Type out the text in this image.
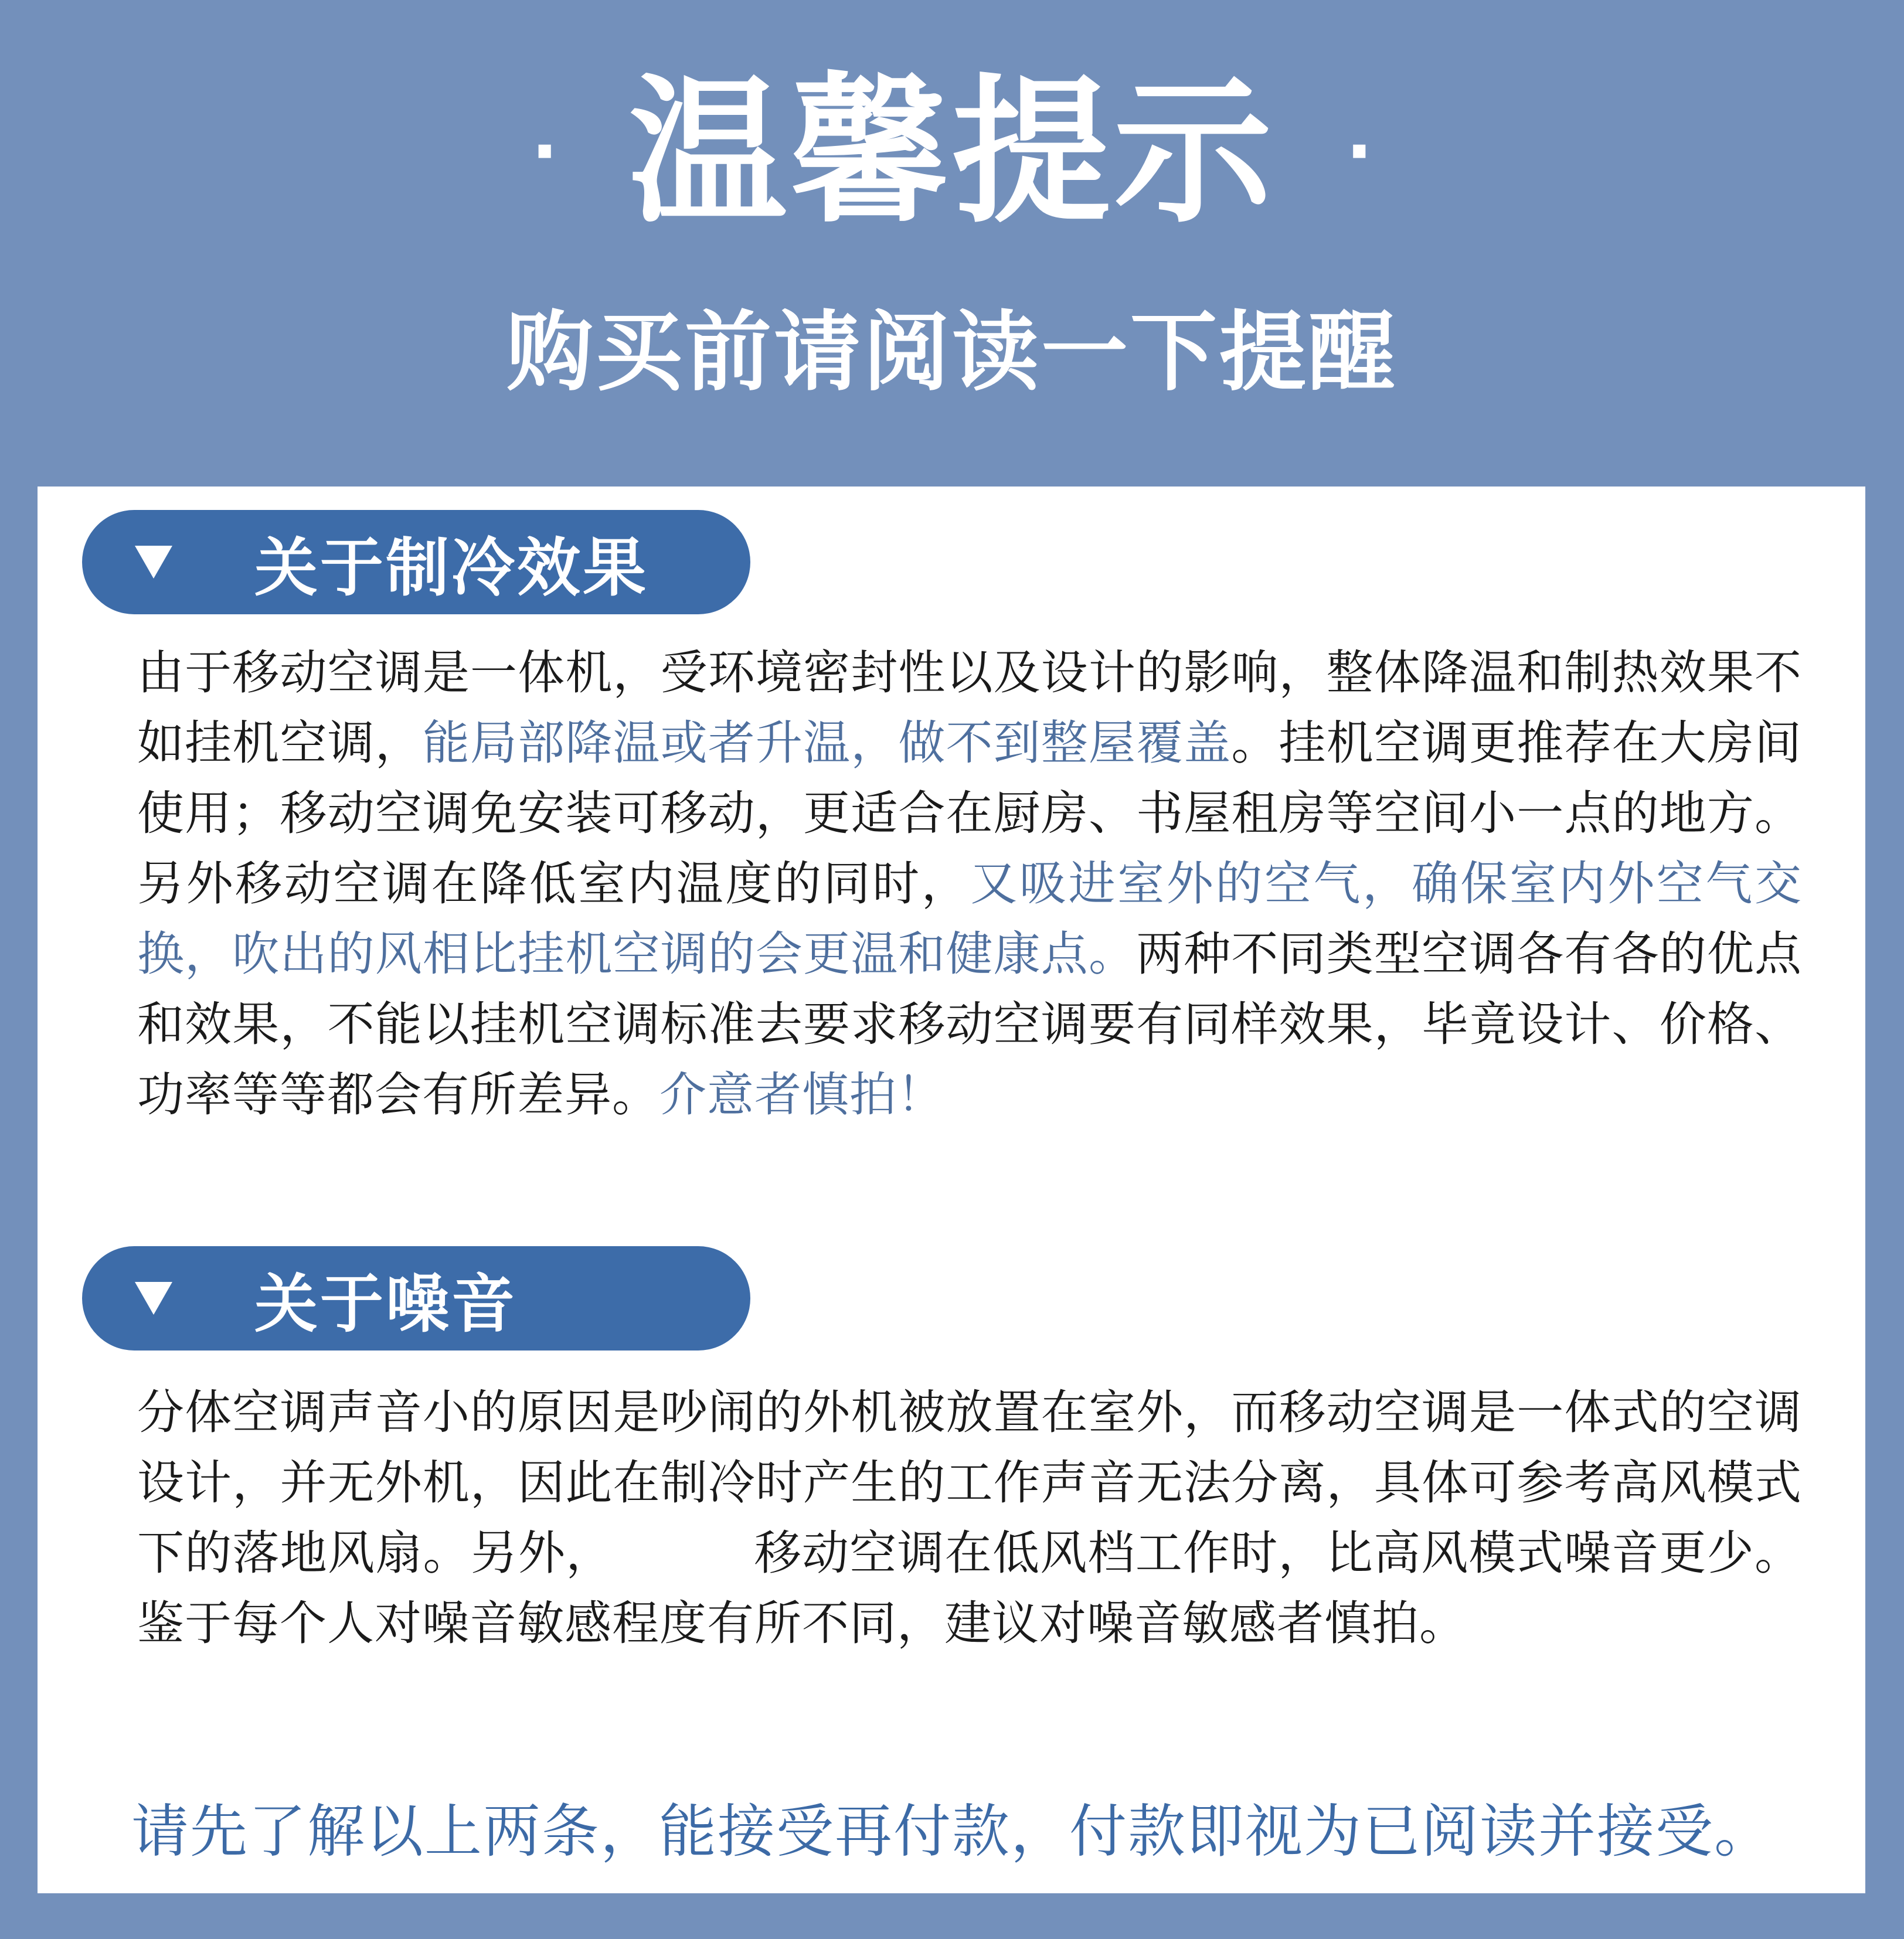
· 温馨提示 ·
购买前请阅读一下提醒
关于制冷效果
由于移动空调是一体机，受环境密封性以及设计的影响，整体降温和制热效果不如挂机空调，能局部降温或者升温，做不到整屋覆盖。挂机空调更推荐在大房间使用；移动空调免安装可移动，更适合在厨房、书屋租房等空间小一点的地方。另外移动空调在降低室内温度的同时，又吸进室外的空气，确保室内外空气交换，吹出的风相比挂机空调的会更温和健康点。两种不同类型空调各有各的优点和效果，不能以挂机空调标准去要求移动空调要有同样效果，毕竟设计、价格、功率等等都会有所差异。介意者慎拍！
关于噪音
分体空调声音小的原因是吵闹的外机被放置在室外，而移动空调是一体式的空调设计，并无外机，因此在制冷时产生的工作声音无法分离，具体可参考高风模式下的落地风扇。另外，	移动空调在低风档工作时，比高风模式噪音更少。鉴于每个人对噪音敏感程度有所不同，建议对噪音敏感者慎拍。
请先了解以上两条，能接受再付款，付款即视为已阅读并接受。
